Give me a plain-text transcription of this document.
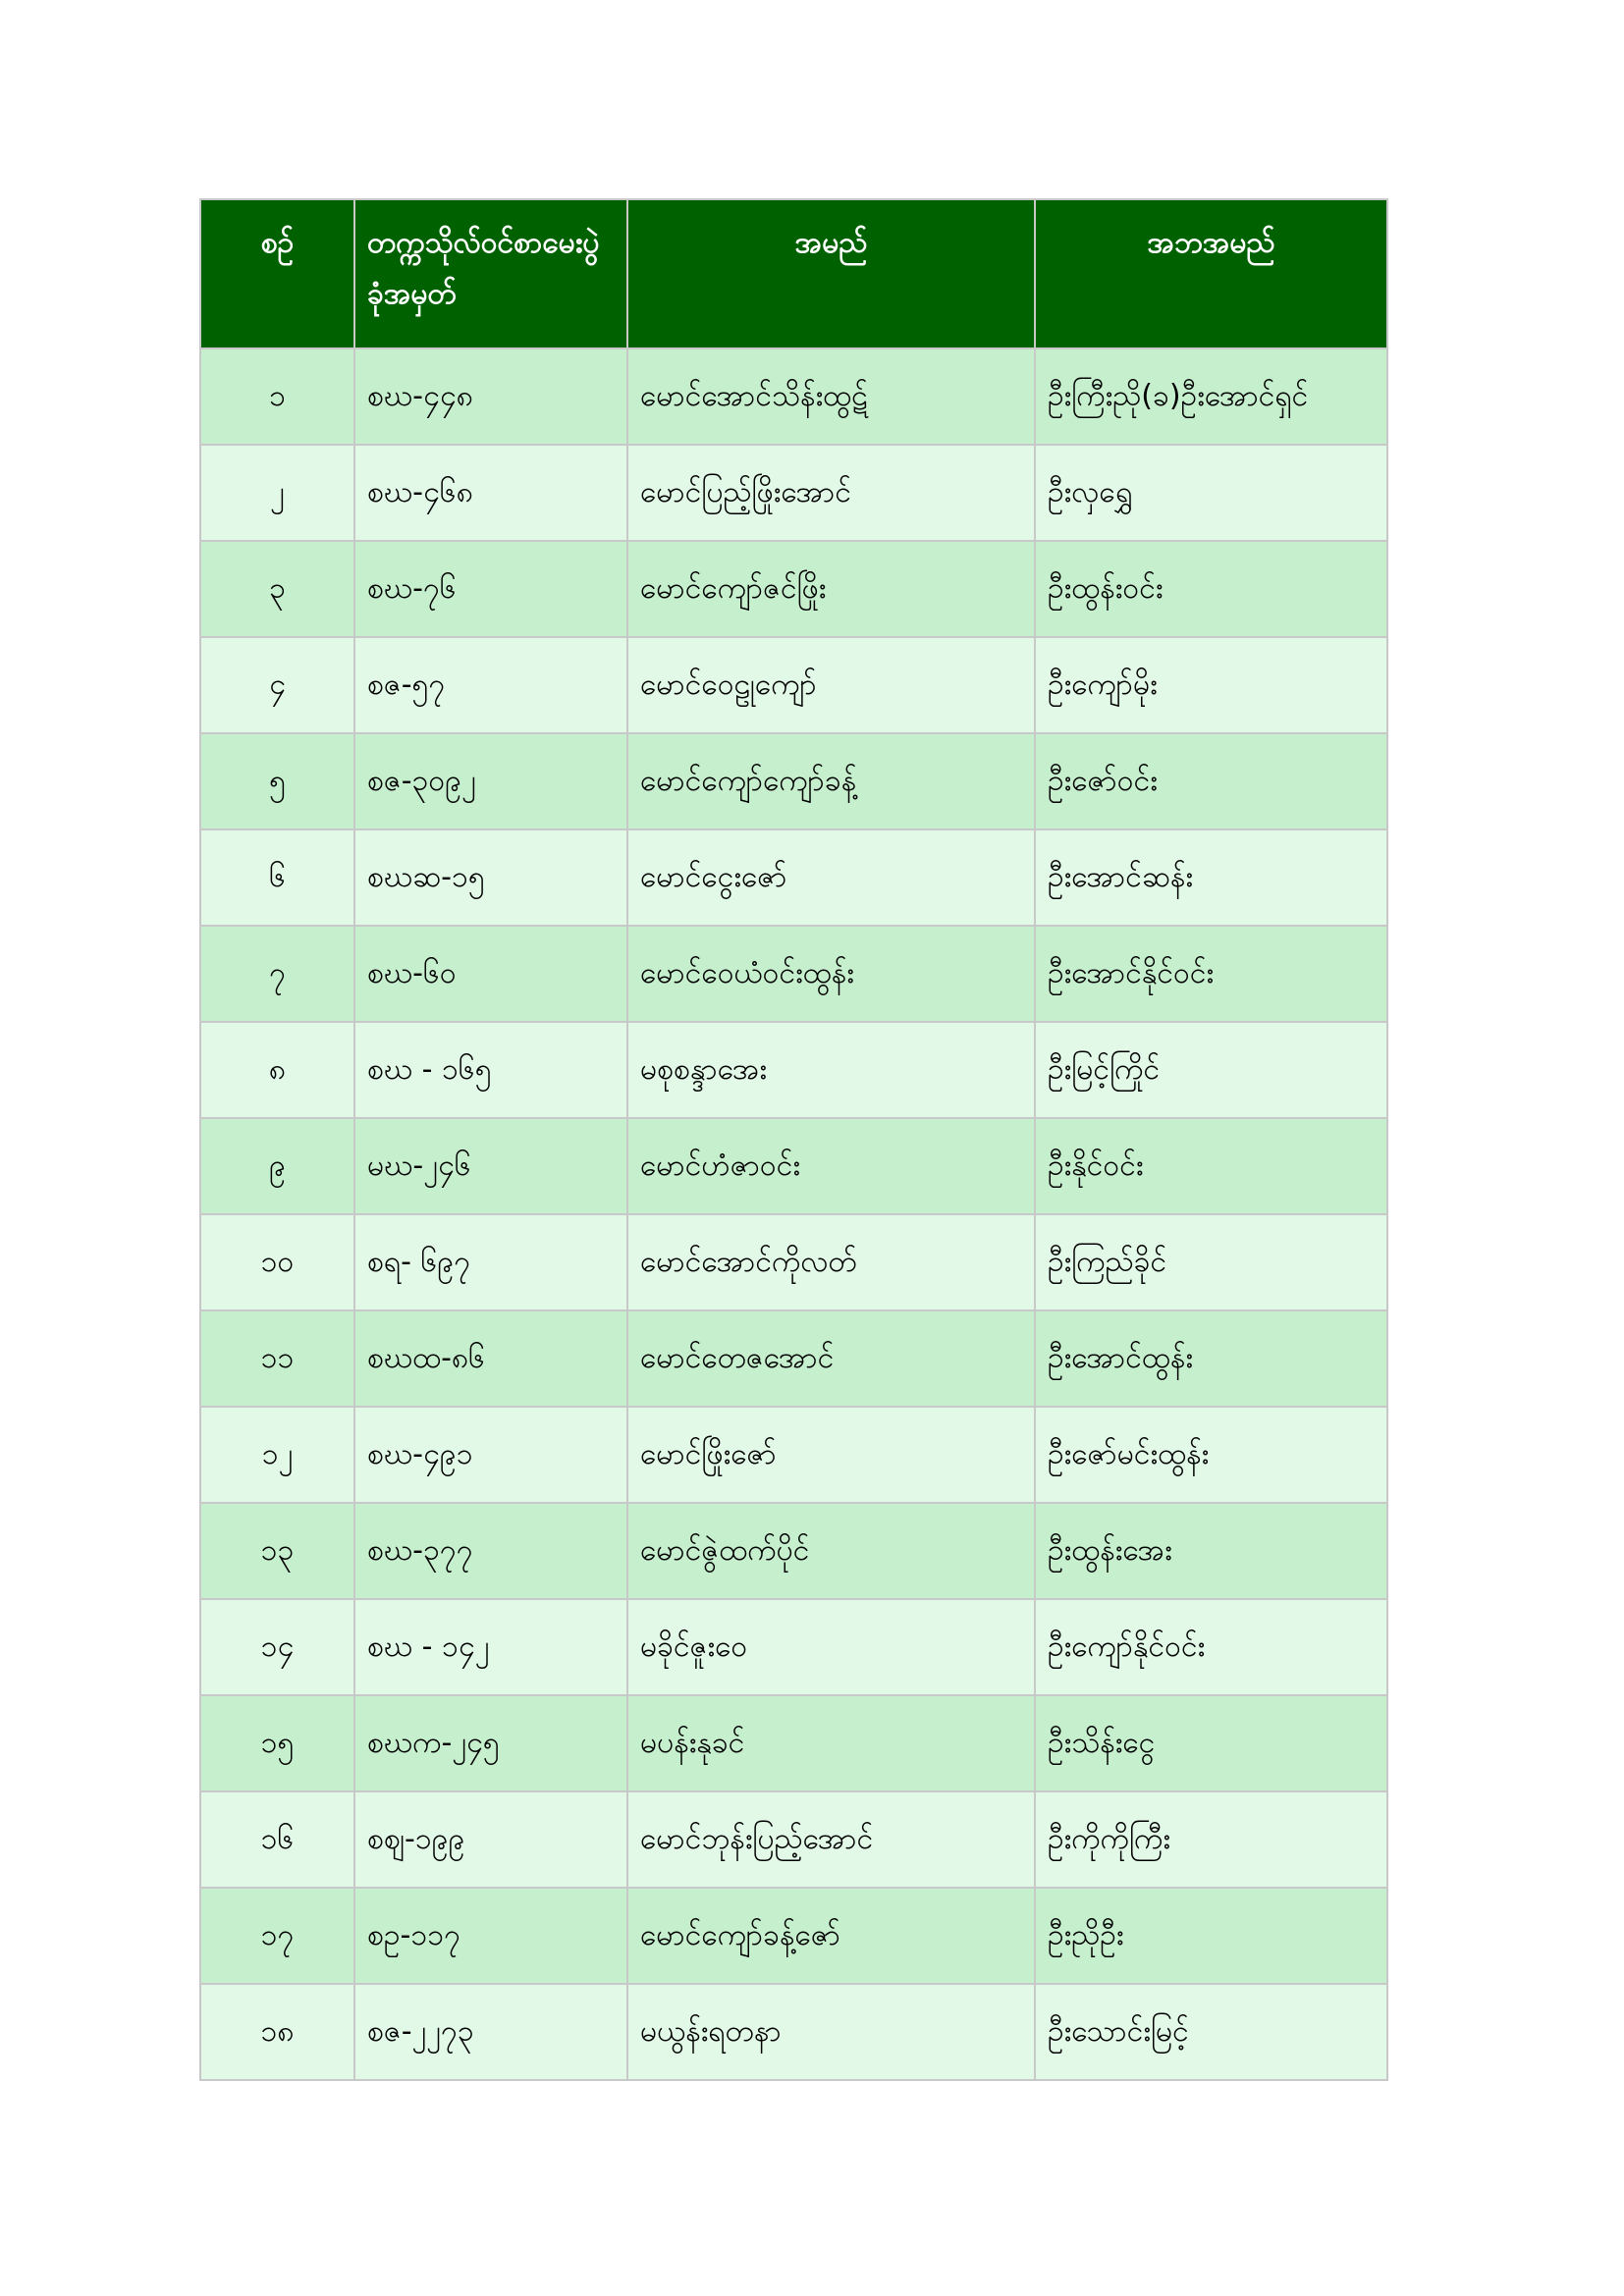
စဉ်	တက္ကသိုလ်ဝင်စာမေးပွဲ ခုံအမှတ်	အမည်	အဘအမည်
၁	စဃ-၄၄၈	မောင်အောင်သိန်းထွဋ်	ဦးကြီးညို(ခ)ဦးအောင်ရှင်
၂	စဃ-၄၆၈	မောင်ပြည့်ဖြိုးအောင်	ဦးလှရွှေ
၃	စဃ-၇၆	မောင်ကျော်ဇင်ဖြိုး	ဦးထွန်းဝင်း
၄	စဇ-၅၇	မောင်ဝေဠုကျော်	ဦးကျော်မိုး
၅	စဇ-၃၀၉၂	မောင်ကျော်ကျော်ခန့်	ဦးဇော်ဝင်း
၆	စဃဆ-၁၅	မောင်ငွေးဇော်	ဦးအောင်ဆန်း
၇	စဃ-၆၀	မောင်ဝေယံဝင်းထွန်း	ဦးအောင်နိုင်ဝင်း
၈	စဃ - ၁၆၅	မစုစန္ဒာအေး	ဦးမြင့်ကြိုင်
၉	မဃ-၂၄၆	မောင်ဟံဇာဝင်း	ဦးနိုင်ဝင်း
၁၀	စရ- ၆၉၇	မောင်အောင်ကိုလတ်	ဦးကြည်ခိုင်
၁၁	စဃထ-၈၆	မောင်တေဇအောင်	ဦးအောင်ထွန်း
၁၂	စဃ-၄၉၁	မောင်ဖြိုးဇော်	ဦးဇော်မင်းထွန်း
၁၃	စဃ-၃၇၇	မောင်ဇွဲထက်ပိုင်	ဦးထွန်းအေး
၁၄	စဃ - ၁၄၂	မခိုင်ဇူးဝေ	ဦးကျော်နိုင်ဝင်း
၁၅	စဃက-၂၄၅	မပန်းနုခင်	ဦးသိန်းငွေ
၁၆	စဈ-၁၉၉	မောင်ဘုန်းပြည့်အောင်	ဦးကိုကိုကြီး
၁၇	စဥ-၁၁၇	မောင်ကျော်ခန့်ဇော်	ဦးညိုဦး
၁၈	စဇ-၂၂၇၃	မယွန်းရတနာ	ဦးသောင်းမြင့်
